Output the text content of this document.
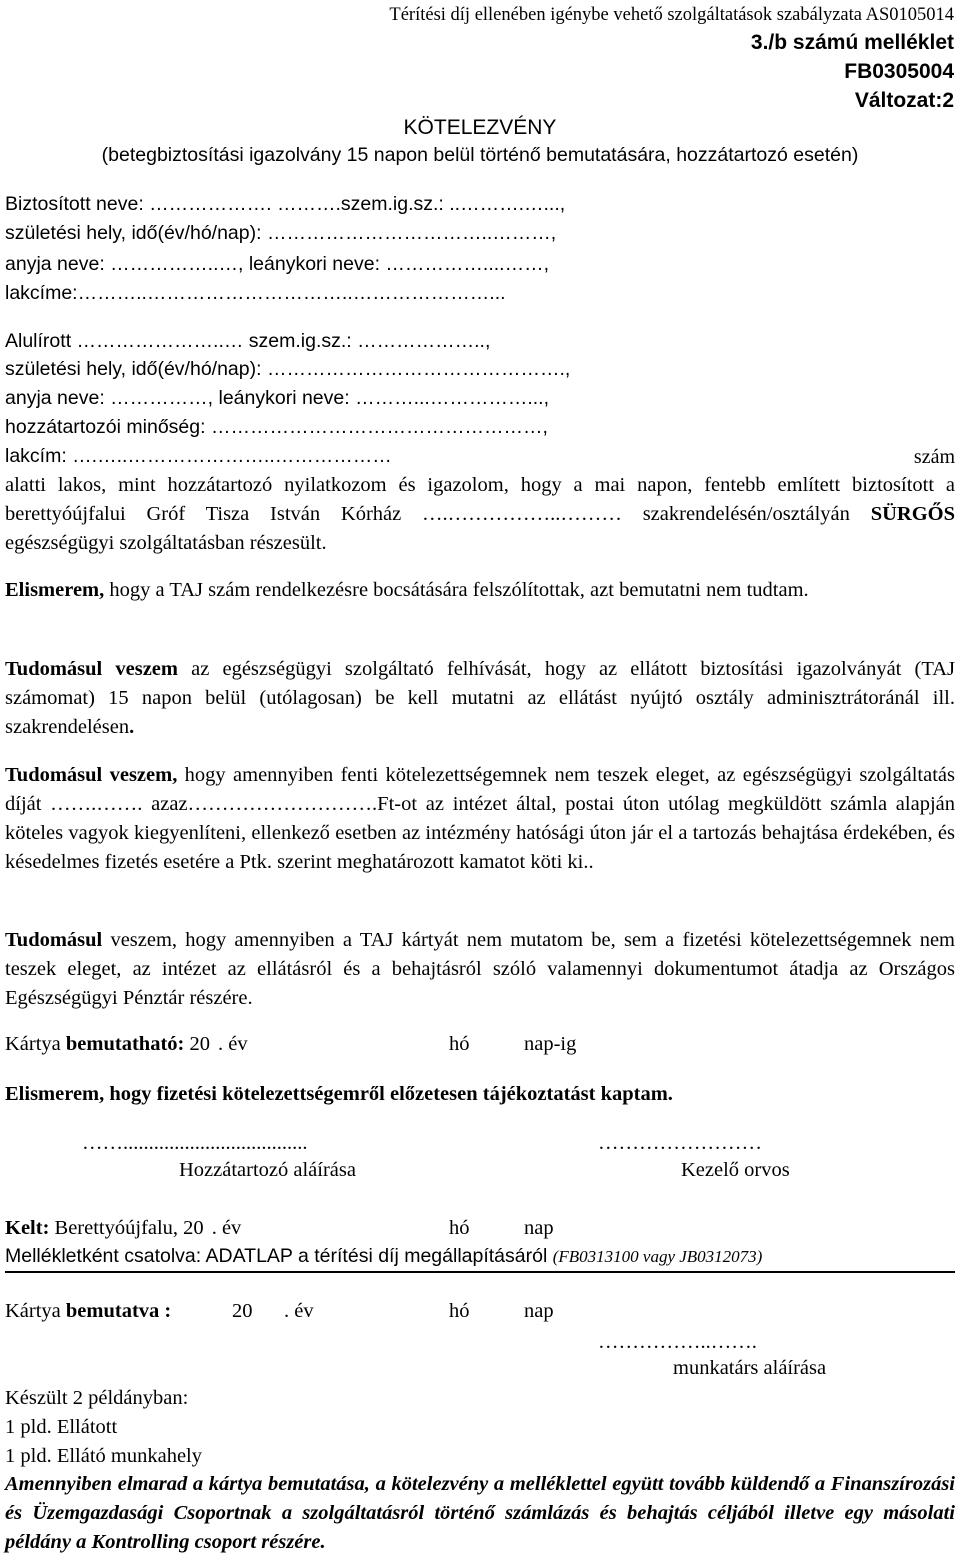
Térítési díj ellenében igénybe vehető szolgáltatások szabályzata AS0105014
3./b számú melléklet
FB0305004
Változat:2
KÖTELEZVÉNY
(betegbiztosítási igazolvány 15 napon belül történő bemutatására, hozzátartozó esetén)
Biztosított neve: ………………. ……….szem.ig.sz.: ..……….…...,
születési hely, idő(év/hó/nap): ……………………………..………,
anyja neve: ……………..…, leánykori neve: ……………....……,
lakcíme:………..…………………………..…………………...
Alulírott …………………..… szem.ig.sz.: ………………..,
születési hely, idő(év/hó/nap): ……………………………………….,
anyja neve: ……………, leánykori neve: ………...……………...,
hozzátartozói minőség: ……………………………………………,
lakcím: ….…..…………………..………………	szám

alatti lakos, mint hozzátartozó nyilatkozom és igazolom, hogy a mai napon, fentebb említett biztosított a berettyóújfalui Gróf Tisza István Kórház ….……………..……… szakrendelésén/osztályán SÜRGŐS egészségügyi szolgáltatásban részesült.

Elismerem, hogy a TAJ szám rendelkezésre bocsátására felszólítottak, azt bemutatni nem tudtam.

Tudomásul veszem az egészségügyi szolgáltató felhívását, hogy az ellátott biztosítási igazolványát (TAJ számomat) 15 napon belül (utólagosan) be kell mutatni az ellátást nyújtó osztály adminisztrátoránál ill. szakrendelésen.

Tudomásul veszem, hogy amennyiben fenti kötelezettségemnek nem teszek eleget, az egészségügyi szolgáltatás díját …….……. azaz……………………….Ft-ot az intézet által, postai úton utólag megküldött számla alapján köteles vagyok kiegyenlíteni, ellenkező esetben az intézmény hatósági úton jár el a tartozás behajtása érdekében, és késedelmes fizetés esetére a Ptk. szerint meghatározott kamatot köti ki..

Tudomásul veszem, hogy amennyiben a TAJ kártyát nem mutatom be, sem a fizetési kötelezettségemnek nem teszek eleget, az intézet az ellátásról és a behajtásról szóló valamennyi dokumentumot átadja az Országos Egészségügyi Pénztár részére.

Kártya bemutatható: 20 . év	hó	nap-ig
Elismerem, hogy fizetési kötelezettségemről előzetesen tájékoztatást kaptam.
……....................................
Hozzátartozó aláírása
……………………
Kezelő orvos
Kelt: Berettyóújfalu, 20 . év	hó	nap
Mellékletként csatolva: ADATLAP a térítési díj megállapításáról (FB0313100 vagy JB0312073)
Kártya bemutatva :	20 . év	hó	nap
……………..…….
munkatárs aláírása
Készült 2 példányban:
1 pld. Ellátott
1 pld. Ellátó munkahely

Amennyiben elmarad a kártya bemutatása, a kötelezvény a melléklettel együtt tovább küldendő a Finanszírozási és Üzemgazdasági Csoportnak a szolgáltatásról történő számlázás és behajtás céljából illetve egy másolati példány a Kontrolling csoport részére.
